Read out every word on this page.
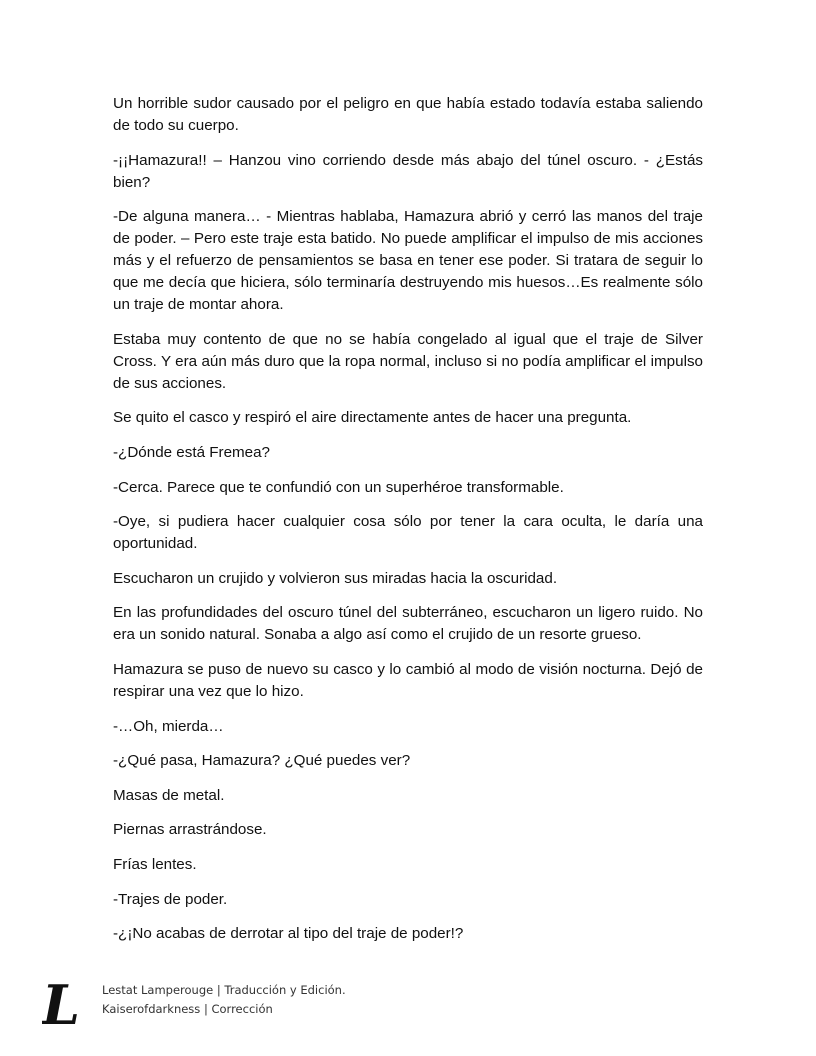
Un horrible sudor causado por el peligro en que había estado todavía estaba saliendo de todo su cuerpo.

-¡¡Hamazura!! – Hanzou vino corriendo desde más abajo del túnel oscuro. - ¿Estás bien?

-De alguna manera… - Mientras hablaba, Hamazura abrió y cerró las manos del traje de poder. – Pero este traje esta batido. No puede amplificar el impulso de mis acciones más y el refuerzo de pensamientos se basa en tener ese poder. Si tratara de seguir lo que me decía que hiciera, sólo terminaría destruyendo mis huesos…Es realmente sólo un traje de montar ahora.

Estaba muy contento de que no se había congelado al igual que el traje de Silver Cross. Y era aún más duro que la ropa normal, incluso si no podía amplificar el impulso de sus acciones.

Se quito el casco y respiró el aire directamente antes de hacer una pregunta.

-¿Dónde está Fremea?

-Cerca. Parece que te confundió con un superhéroe transformable.

-Oye, si pudiera hacer cualquier cosa sólo por tener la cara oculta, le daría una oportunidad.

Escucharon un crujido y volvieron sus miradas hacia la oscuridad.

En las profundidades del oscuro túnel del subterráneo, escucharon un ligero ruido. No era un sonido natural. Sonaba a algo así como el crujido de un resorte grueso.

Hamazura se puso de nuevo su casco y lo cambió al modo de visión nocturna. Dejó de respirar una vez que lo hizo.

-…Oh, mierda…

-¿Qué pasa, Hamazura? ¿Qué puedes ver?

Masas de metal.

Piernas arrastrándose.

Frías lentes.

-Trajes de poder.

-¿¡No acabas de derrotar al tipo del traje de poder!?

L	Lestat Lamperouge | Traducción y Edición.
Kaiserofdarkness | Corrección
